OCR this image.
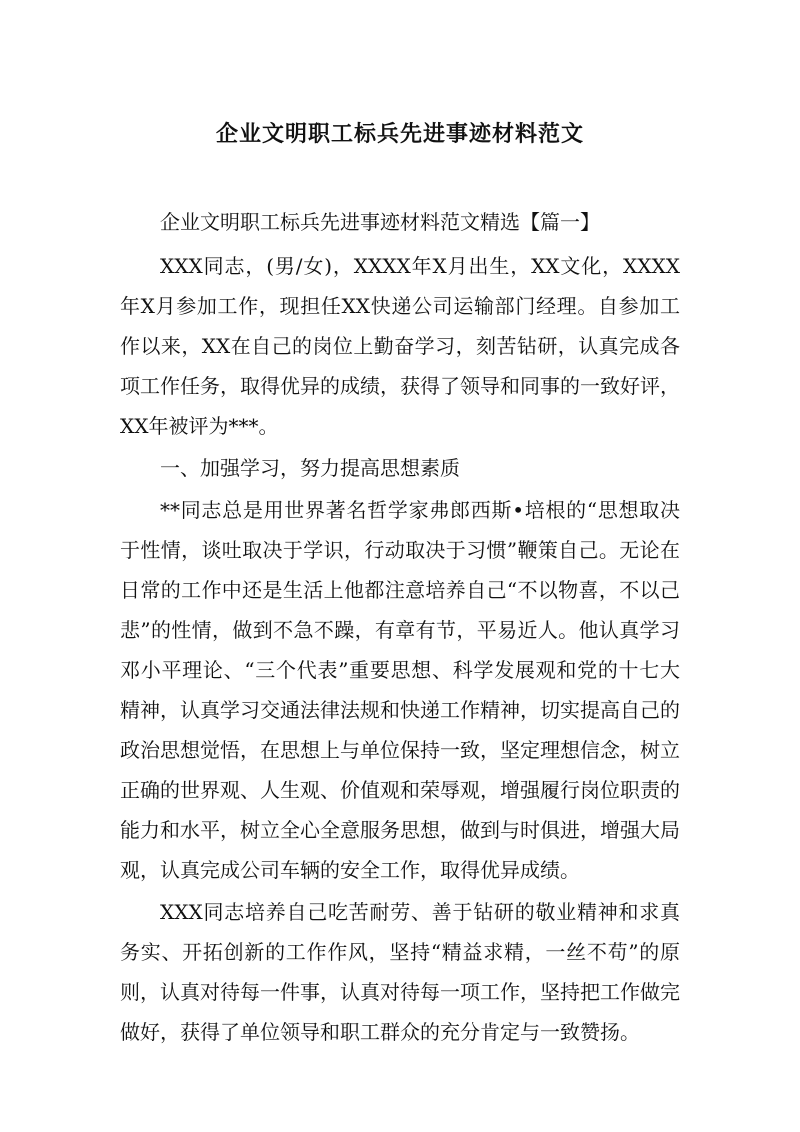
企业文明职工标兵先进事迹材料范文

企业文明职工标兵先进事迹材料范文精选【篇一】

XXX同志，(男/女)，XXXX年X月出生，XX文化，XXXX年X月参加工作，现担任XX快递公司运输部门经理。自参加工作以来，XX在自己的岗位上勤奋学习，刻苦钻研，认真完成各项工作任务，取得优异的成绩，获得了领导和同事的一致好评，XX年被评为***。

一、加强学习，努力提高思想素质

**同志总是用世界著名哲学家弗郎西斯•培根的“思想取决于性情，谈吐取决于学识，行动取决于习惯”鞭策自己。无论在日常的工作中还是生活上他都注意培养自己“不以物喜，不以己悲”的性情，做到不急不躁，有章有节，平易近人。他认真学习邓小平理论、“三个代表”重要思想、科学发展观和党的十七大精神，认真学习交通法律法规和快递工作精神，切实提高自己的政治思想觉悟，在思想上与单位保持一致，坚定理想信念，树立正确的世界观、人生观、价值观和荣辱观，增强履行岗位职责的能力和水平，树立全心全意服务思想，做到与时俱进，增强大局观，认真完成公司车辆的安全工作，取得优异成绩。

XXX同志培养自己吃苦耐劳、善于钻研的敬业精神和求真务实、开拓创新的工作作风，坚持“精益求精，一丝不苟”的原则，认真对待每一件事，认真对待每一项工作，坚持把工作做完做好，获得了单位领导和职工群众的充分肯定与一致赞扬。
